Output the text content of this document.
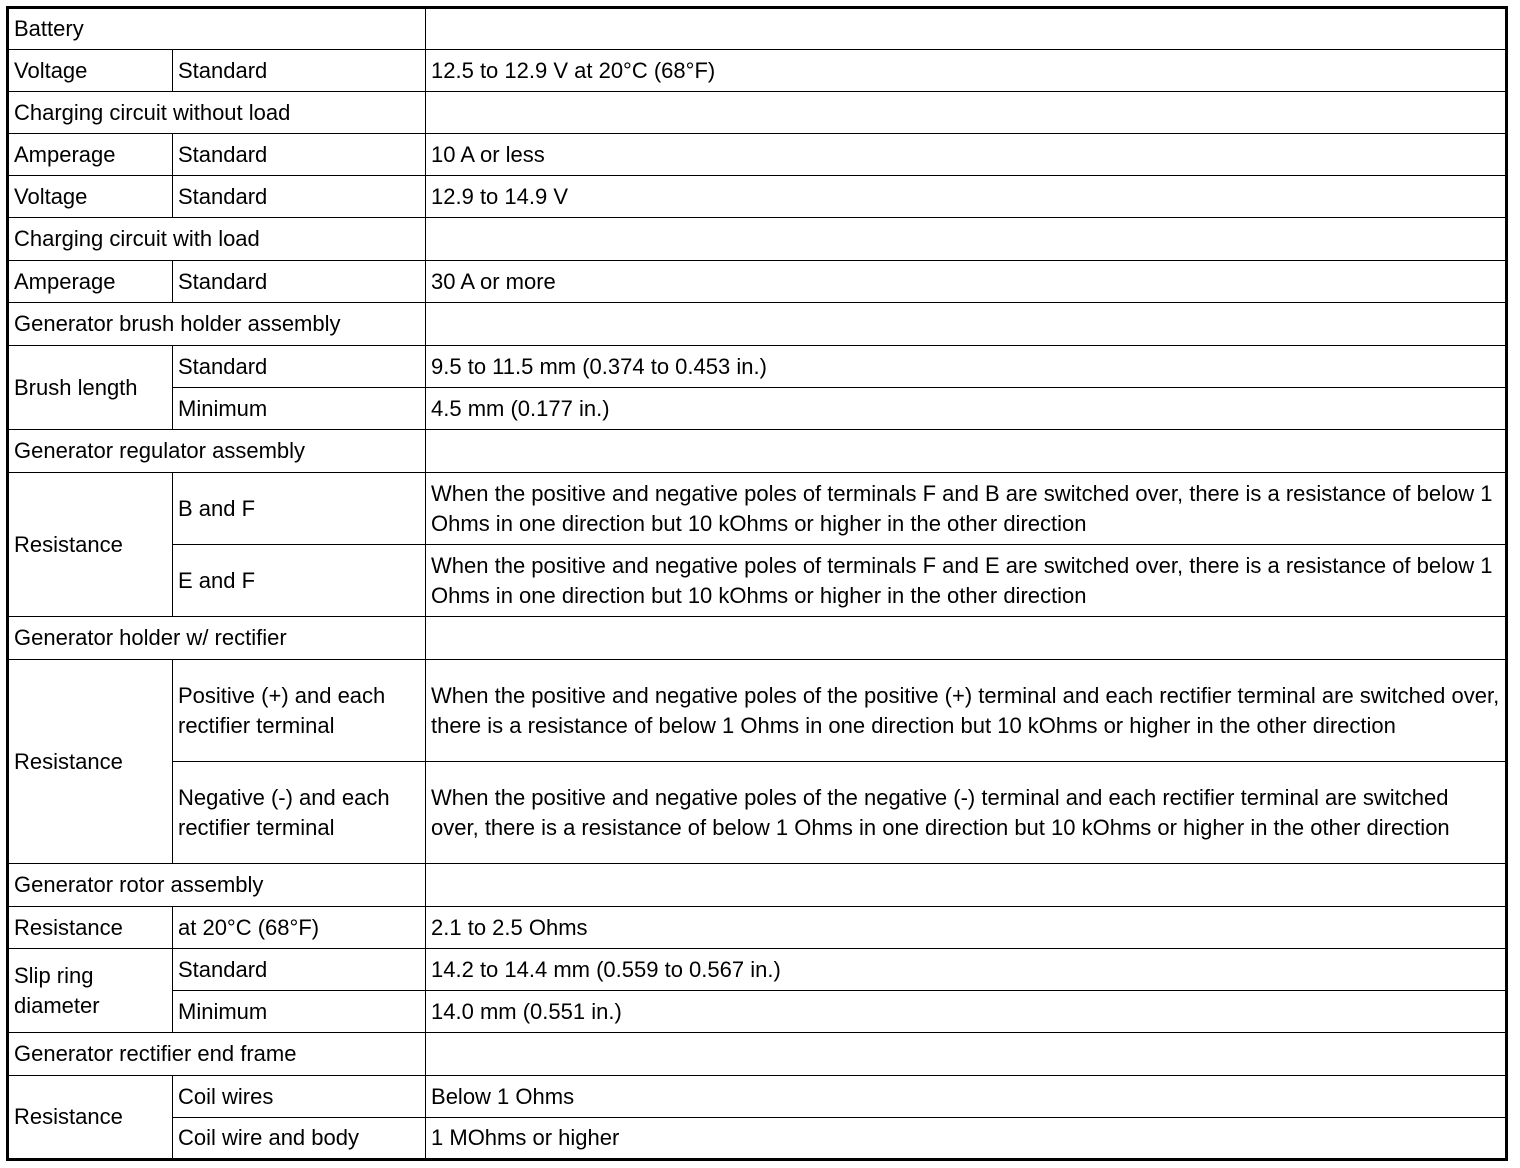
Battery		
Voltage	Standard	12.5 to 12.9 V at 20°C (68°F)
Charging circuit without load		
Amperage	Standard	10 A or less
Voltage	Standard	12.9 to 14.9 V
Charging circuit with load		
Amperage	Standard	30 A or more
Generator brush holder assembly		
Brush length	Standard	9.5 to 11.5 mm (0.374 to 0.453 in.)
	Minimum	4.5 mm (0.177 in.)
Generator regulator assembly		
Resistance	B and F	When the positive and negative poles of terminals F and B are switched over, there is a resistance of below 1 Ohms in one direction but 10 kOhms or higher in the other direction
	E and F	When the positive and negative poles of terminals F and E are switched over, there is a resistance of below 1 Ohms in one direction but 10 kOhms or higher in the other direction
Generator holder w/ rectifier		
Resistance	Positive (+) and each rectifier terminal	When the positive and negative poles of the positive (+) terminal and each rectifier terminal are switched over, there is a resistance of below 1 Ohms in one direction but 10 kOhms or higher in the other direction
	Negative (-) and each rectifier terminal	When the positive and negative poles of the negative (-) terminal and each rectifier terminal are switched over, there is a resistance of below 1 Ohms in one direction but 10 kOhms or higher in the other direction
Generator rotor assembly		
Resistance	at 20°C (68°F)	2.1 to 2.5 Ohms
Slip ring diameter	Standard	14.2 to 14.4 mm (0.559 to 0.567 in.)
	Minimum	14.0 mm (0.551 in.)
Generator rectifier end frame		
Resistance	Coil wires	Below 1 Ohms
	Coil wire and body	1 MOhms or higher
